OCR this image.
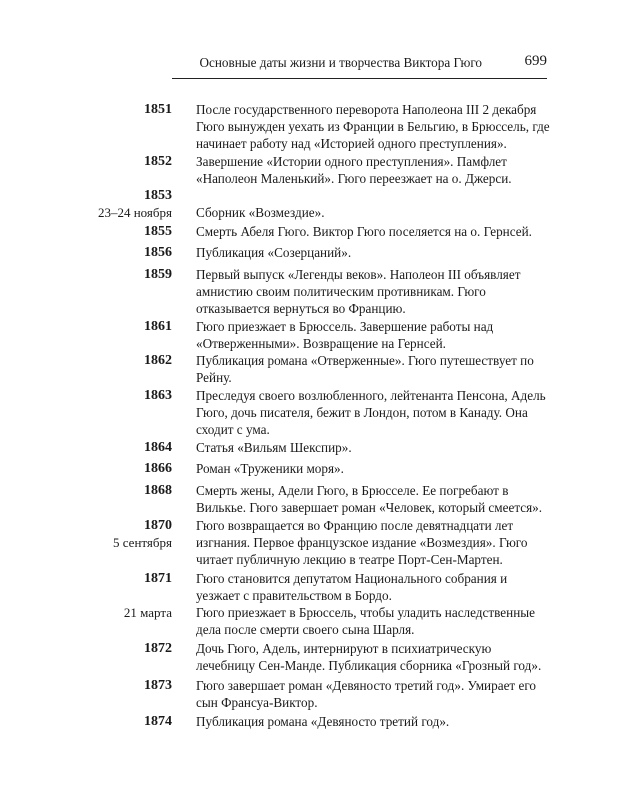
Основные даты жизни и творчества Виктора Гюго	699
1851 После государственного переворота Наполеона III 2 декабря Гюго вынужден уехать из Франции в Бельгию, в Брюссель, где начинает работу над «Историей одного преступления».

1852 Завершение «Истории одного преступления». Памфлет «Наполеон Маленький». Гюго переезжает на о. Джерси.

1853
23–24 ноября Сборник «Возмездие».

1855 Смерть Абеля Гюго. Виктор Гюго поселяется на о. Гернсей.

1856 Публикация «Созерцаний».

1859 Первый выпуск «Легенды веков». Наполеон III объявляет амнистию своим политическим противникам. Гюго отказывается вернуться во Францию.

1861 Гюго приезжает в Брюссель. Завершение работы над «Отверженными». Возвращение на Гернсей.

1862 Публикация романа «Отверженные». Гюго путешествует по Рейну.

1863 Преследуя своего возлюбленного, лейтенанта Пенсона, Адель Гюго, дочь писателя, бежит в Лондон, потом в Канаду. Она сходит с ума.

1864 Статья «Вильям Шекспир».

1866 Роман «Труженики моря».

1868 Смерть жены, Адели Гюго, в Брюсселе. Ее погребают в Вилькье. Гюго завершает роман «Человек, который смеется».

1870
5 сентября

Гюго возвращается во Францию после девятнадцати лет изгнания. Первое французское издание «Возмездия». Гюго читает публичную лекцию в театре Порт-Сен-Мартен.

1871 Гюго становится депутатом Национального собрания и уезжает с правительством в Бордо.

21 марта Гюго приезжает в Брюссель, чтобы уладить наследственные дела после смерти своего сына Шарля.

1872 Дочь Гюго, Адель, интернируют в психиатрическую лечебницу Сен-Манде. Публикация сборника «Грозный год».

1873 Гюго завершает роман «Девяносто третий год». Умирает его сын Франсуа-Виктор.

1874 Публикация романа «Девяносто третий год».
